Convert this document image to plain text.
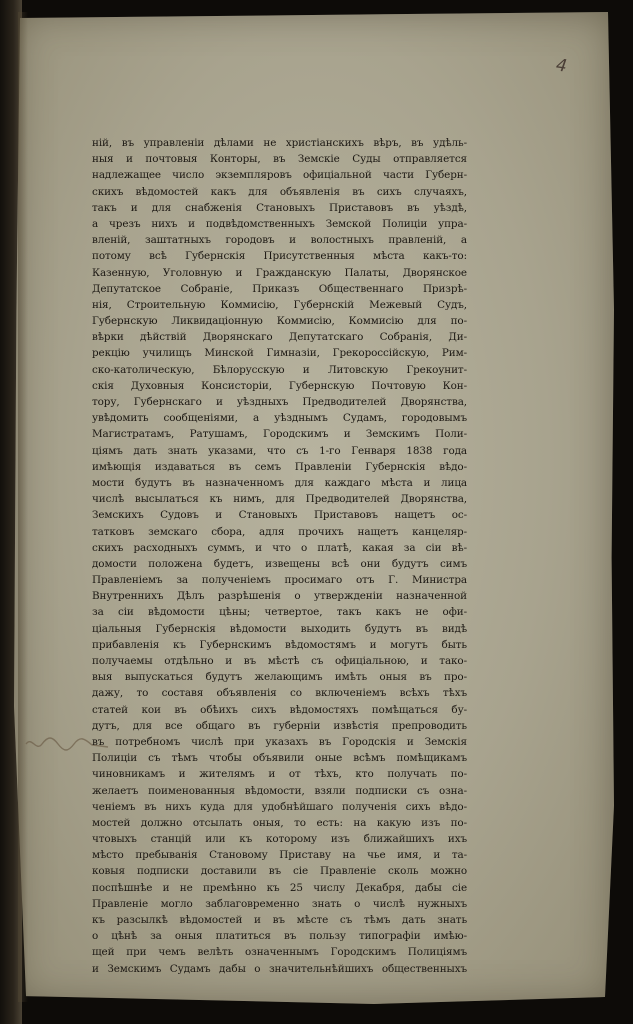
4
нiй, въ управленiи дѣлами не христiанскихъ вѣръ, въ удѣль-
ныя и почтовыя Конторы, въ Земскiе Суды отправляется
надлежащее число экземпляровъ офицiальной части Губерн-
скихъ вѣдомостей какъ для объявленiя въ сихъ случаяхъ,
такъ и для снабженiя Становыхъ Приставовъ въ уѣздѣ,
а чрезъ нихъ и подвѣдомственныхъ Земской Полицiи упра-
вленiй, заштатныхъ городовъ и волостныхъ правленiй, а
потому всѣ Губернскiя Присутственныя мѣста какъ-то:
Казенную, Уголовную и Гражданскую Палаты, Дворянское
Депутатское Собранiе, Приказъ Общественнаго Призрѣ-
нiя, Строительную Коммисiю, Губернскiй Межевый Судъ,
Губернскую Ликвидацiонную Коммисiю, Коммисiю для по-
вѣрки дѣйствiй Дворянскаго Депутатскаго Собранiя, Ди-
рекцiю училищъ Минской Гимназiи, Грекороссiйскую, Рим-
ско-католическую, Бѣлорусскую и Литовскую Грекоунит-
скiя Духовныя Консисторiи, Губернскую Почтовую Кон-
тору, Губернскаго и уѣздныхъ Предводителей Дворянства,
увѣдомить сообщенiями, а уѣзднымъ Судамъ, городовымъ
Магистратамъ, Ратушамъ, Городскимъ и Земскимъ Поли-
цiямъ дать знать указами, что съ 1-го Генваря 1838 года
имѣющiя издаваться въ семъ Правленiи Губернскiя вѣдо-
мости будутъ въ назначенномъ для каждаго мѣста и лица
числѣ высылаться къ нимъ, для Предводителей Дворянства,
Земскихъ Судовъ и Становыхъ Приставовъ нащетъ ос-
татковъ земскаго сбора, адля прочихъ нащетъ канцеляр-
скихъ расходныхъ суммъ, и что о платѣ, какая за сiи вѣ-
домости положена будетъ, извещены всѣ они будутъ симъ
Правленiемъ за полученiемъ просимаго отъ Г. Министра
Внутреннихъ Дѣлъ разрѣшенiя о утвержденiи назначенной
за сiи вѣдомости цѣны; четвертое, такъ какъ не офи-
цiальныя Губернскiя вѣдомости выходить будутъ въ видѣ
прибавленiя къ Губернскимъ вѣдомостямъ и могутъ быть
получаемы отдѣльно и въ мѣстѣ съ офицiальною, и тако-
выя выпускаться будутъ желающимъ имѣть оныя въ про-
дажу, то составя объявленiя со включенiемъ всѣхъ тѣхъ
статей кои въ обѣихъ сихъ вѣдомостяхъ помѣщаться бу-
дутъ, для все общаго въ губернiи извѣстiя препроводить
въ потребномъ числѣ при указахъ въ Городскiя и Земскiя
Полицiи съ тѣмъ чтобы объявили оные всѣмъ помѣщикамъ
чиновникамъ и жителямъ и от тѣхъ, кто получать по-
желаетъ поименованныя вѣдомости, взяли подписки съ озна-
ченiемъ въ нихъ куда для удобнѣйшаго полученiя сихъ вѣдо-
мостей должно отсылать оныя, то есть: на какую изъ по-
чтовыхъ станцiй или къ которому изъ ближайшихъ ихъ
мѣсто пребыванiя Становому Приставу на чье имя, и та-
ковыя подписки доставили въ сiе Правленiе сколь можно
поспѣшнѣе и не премѣнно къ 25 числу Декабря, дабы сiе
Правленiе могло заблаговременно знать о числѣ нужныхъ
къ разсылкѣ вѣдомостей и въ мѣсте съ тѣмъ дать знать
о цѣнѣ за оныя платиться въ пользу типографiи имѣю-
щей при чемъ велѣть означеннымъ Городскимъ Полицiямъ
и Земскимъ Судамъ дабы о значительнѣйшихъ общественныхъ
